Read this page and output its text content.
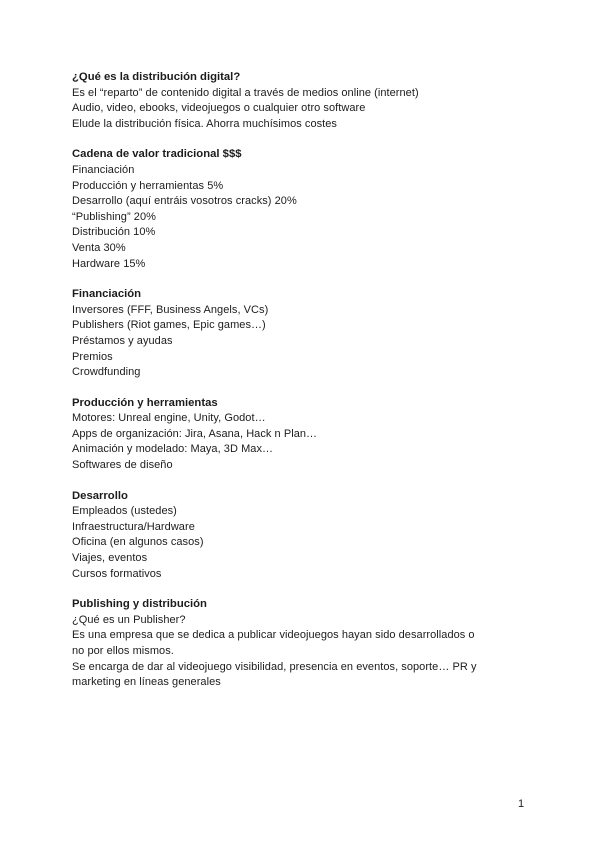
¿Qué es la distribución digital?

Es el “reparto” de contenido digital a través de medios online (internet)

Audio, video, ebooks, videojuegos o cualquier otro software

Elude la distribución física. Ahorra muchísimos costes

Cadena de valor tradicional $$$

Financiación

Producción y herramientas 5%

Desarrollo (aquí entráis vosotros cracks) 20%

“Publishing” 20%

Distribución 10%

Venta 30%

Hardware 15%

Financiación

Inversores (FFF, Business Angels, VCs)

Publishers (Riot games, Epic games…)

Préstamos y ayudas

Premios

Crowdfunding

Producción y herramientas

Motores: Unreal engine, Unity, Godot…

Apps de organización: Jira, Asana, Hack n Plan…

Animación y modelado: Maya, 3D Max…

Softwares de diseño

Desarrollo

Empleados (ustedes)

Infraestructura/Hardware

Oficina (en algunos casos)

Viajes, eventos

Cursos formativos

Publishing y distribución

¿Qué es un Publisher?

Es una empresa que se dedica a publicar videojuegos hayan sido desarrollados o

no por ellos mismos.

Se encarga de dar al videojuego visibilidad, presencia en eventos, soporte… PR y

marketing en líneas generales

1
